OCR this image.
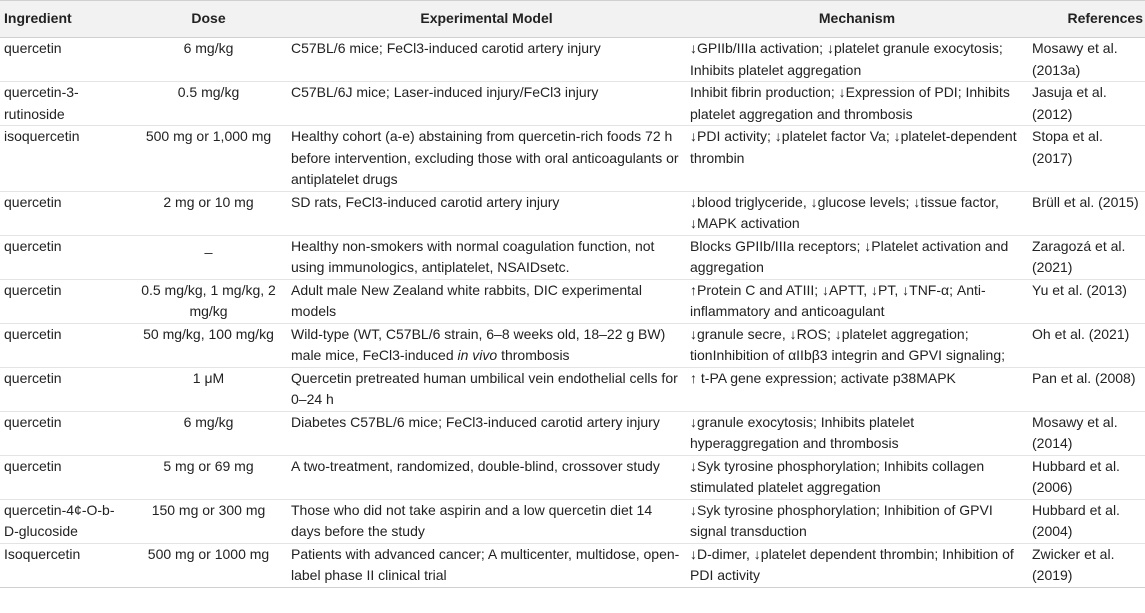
Ingredient	Dose	Experimental Model	Mechanism	References
quercetin	6 mg/kg	C57BL/6 mice; FeCl3-induced carotid artery injury	↓GPIIb/IIIa activation; ↓platelet granule exocytosis; Inhibits platelet aggregation	Mosawy et al. (2013a)
quercetin-3-rutinoside	0.5 mg/kg	C57BL/6J mice; Laser-induced injury/FeCl3 injury	Inhibit fibrin production; ↓Expression of PDI; Inhibits platelet aggregation and thrombosis	Jasuja et al. (2012)
isoquercetin	500 mg or 1,000 mg	Healthy cohort (a-e) abstaining from quercetin-rich foods 72 h before intervention, excluding those with oral anticoagulants or antiplatelet drugs	↓PDI activity; ↓platelet factor Va; ↓platelet-dependent thrombin	Stopa et al. (2017)
quercetin	2 mg or 10 mg	SD rats, FeCl3-induced carotid artery injury	↓blood triglyceride, ↓glucose levels; ↓tissue factor, ↓MAPK activation	Brüll et al. (2015)
quercetin	_	Healthy non-smokers with normal coagulation function, not using immunologics, antiplatelet, NSAIDsetc.	Blocks GPIIb/IIIa receptors; ↓Platelet activation and aggregation	Zaragozá et al. (2021)
quercetin	0.5 mg/kg, 1 mg/kg, 2 mg/kg	Adult male New Zealand white rabbits, DIC experimental models	↑Protein C and ATIII; ↓APTT, ↓PT, ↓TNF-α; Anti-inflammatory and anticoagulant	Yu et al. (2013)
quercetin	50 mg/kg, 100 mg/kg	Wild-type (WT, C57BL/6 strain, 6–8 weeks old, 18–22 g BW) male mice, FeCl3-induced in vivo thrombosis	↓granule secre, ↓ROS; ↓platelet aggregation; tionInhibition of αIIbβ3 integrin and GPVI signaling;	Oh et al. (2021)
quercetin	1 μM	Quercetin pretreated human umbilical vein endothelial cells for 0–24 h	↑ t-PA gene expression; activate p38MAPK	Pan et al. (2008)
quercetin	6 mg/kg	Diabetes C57BL/6 mice; FeCl3-induced carotid artery injury	↓granule exocytosis; Inhibits platelet hyperaggregation and thrombosis	Mosawy et al. (2014)
quercetin	5 mg or 69 mg	A two-treatment, randomized, double-blind, crossover study	↓Syk tyrosine phosphorylation; Inhibits collagen stimulated platelet aggregation	Hubbard et al. (2006)
quercetin-4¢-O-b-D-glucoside	150 mg or 300 mg	Those who did not take aspirin and a low quercetin diet 14 days before the study	↓Syk tyrosine phosphorylation; Inhibition of GPVI signal transduction	Hubbard et al. (2004)
Isoquercetin	500 mg or 1000 mg	Patients with advanced cancer; A multicenter, multidose, open-label phase II clinical trial	↓D-dimer, ↓platelet dependent thrombin; Inhibition of PDI activity	Zwicker et al. (2019)
